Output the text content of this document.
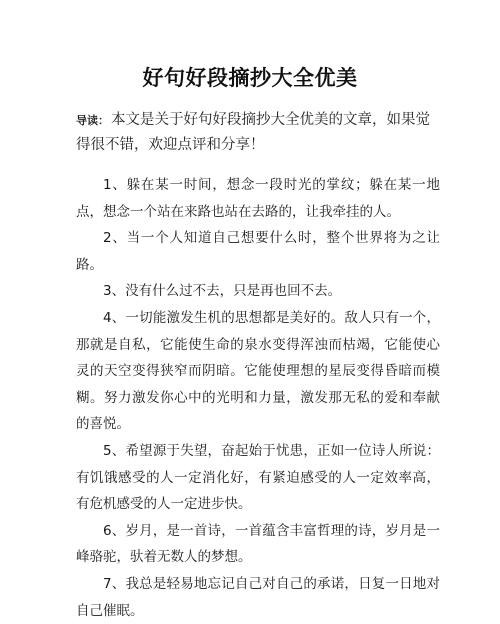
好句好段摘抄大全优美
导读： 本文是关于好句好段摘抄大全优美的文章，如果觉得很不错，欢迎点评和分享！

1、躲在某一时间，想念一段时光的掌纹；躲在某一地点，想念一个站在来路也站在去路的，让我牵挂的人。

2、当一个人知道自己想要什么时，整个世界将为之让路。

3、没有什么过不去，只是再也回不去。

4、一切能激发生机的思想都是美好的。敌人只有一个，那就是自私，它能使生命的泉水变得浑浊而枯竭，它能使心灵的天空变得狭窄而阴暗。它能使理想的星辰变得昏暗而模糊。努力激发你心中的光明和力量，激发那无私的爱和奉献的喜悦。

5、希望源于失望，奋起始于忧患，正如一位诗人所说：有饥饿感受的人一定消化好，有紧迫感受的人一定效率高，有危机感受的人一定进步快。

6、岁月，是一首诗，一首蕴含丰富哲理的诗，岁月是一峰骆驼，驮着无数人的梦想。

7、我总是轻易地忘记自己对自己的承诺，日复一日地对自己催眠。
